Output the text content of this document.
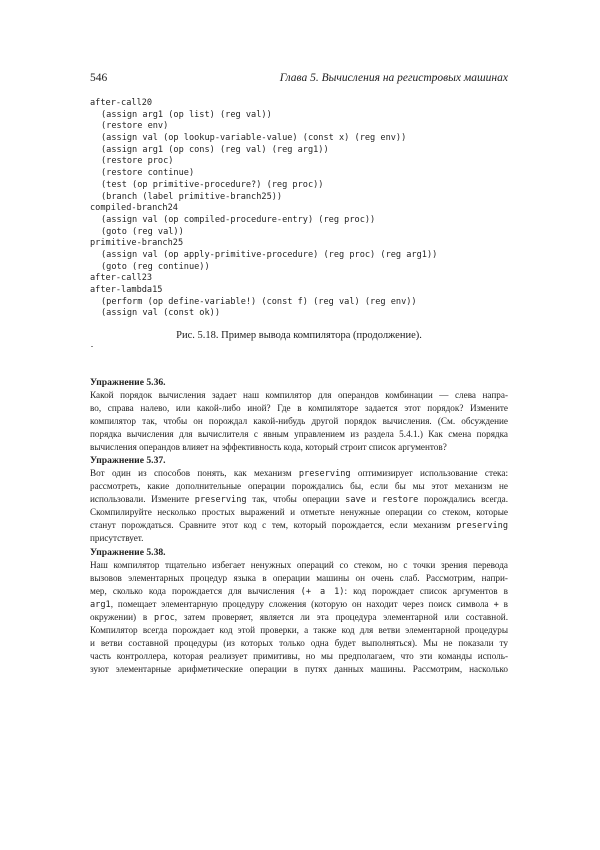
546	Глава 5. Вычисления на регистровых машинах
after-call20
(assign arg1 (op list) (reg val))
(restore env)
(assign val (op lookup-variable-value) (const x) (reg env))
(assign arg1 (op cons) (reg val) (reg arg1))
(restore proc)
(restore continue)
(test (op primitive-procedure?) (reg proc))
(branch (label primitive-branch25))
compiled-branch24
(assign val (op compiled-procedure-entry) (reg proc))
(goto (reg val))
primitive-branch25
(assign val (op apply-primitive-procedure) (reg proc) (reg arg1))
(goto (reg continue))
after-call23
after-lambda15
(perform (op define-variable!) (const f) (reg val) (reg env))
(assign val (const ok))
Рис. 5.18. Пример вывода компилятора (продолжение).
Упражнение 5.36.
Какой порядок вычисления задает наш компилятор для операндов комбинации — слева напра-
во, справа налево, или какой-либо иной? Где в компиляторе задается этот порядок? Измените
компилятор так, чтобы он порождал какой-нибудь другой порядок вычисления. (См. обсуждение
порядка вычисления для вычислителя с явным управлением из раздела 5.4.1.) Как смена порядка
вычисления операндов влияет на эффективность кода, который строит список аргументов?
Упражнение 5.37.
Вот один из способов понять, как механизм preserving оптимизирует использование стека:
рассмотреть, какие дополнительные операции порождались бы, если бы мы этот механизм не
использовали. Измените preserving так, чтобы операции save и restore порождались всегда.
Скомпилируйте несколько простых выражений и отметьте ненужные операции со стеком, которые
станут порождаться. Сравните этот код с тем, который порождается, если механизм preserving
присутствует.
Упражнение 5.38.
Наш компилятор тщательно избегает ненужных операций со стеком, но с точки зрения перевода
вызовов элементарных процедур языка в операции машины он очень слаб. Рассмотрим, напри-
мер, сколько кода порождается для вычисления (+ a 1): код порождает список аргументов в
arg1, помещает элементарную процедуру сложения (которую он находит через поиск символа + в
окружении) в proc, затем проверяет, является ли эта процедура элементарной или составной.
Компилятор всегда порождает код этой проверки, а также код для ветви элементарной процедуры
и ветви составной процедуры (из которых только одна будет выполняться). Мы не показали ту
часть контроллера, которая реализует примитивы, но мы предполагаем, что эти команды исполь-
зуют элементарные арифметические операции в путях данных машины. Рассмотрим, насколько
